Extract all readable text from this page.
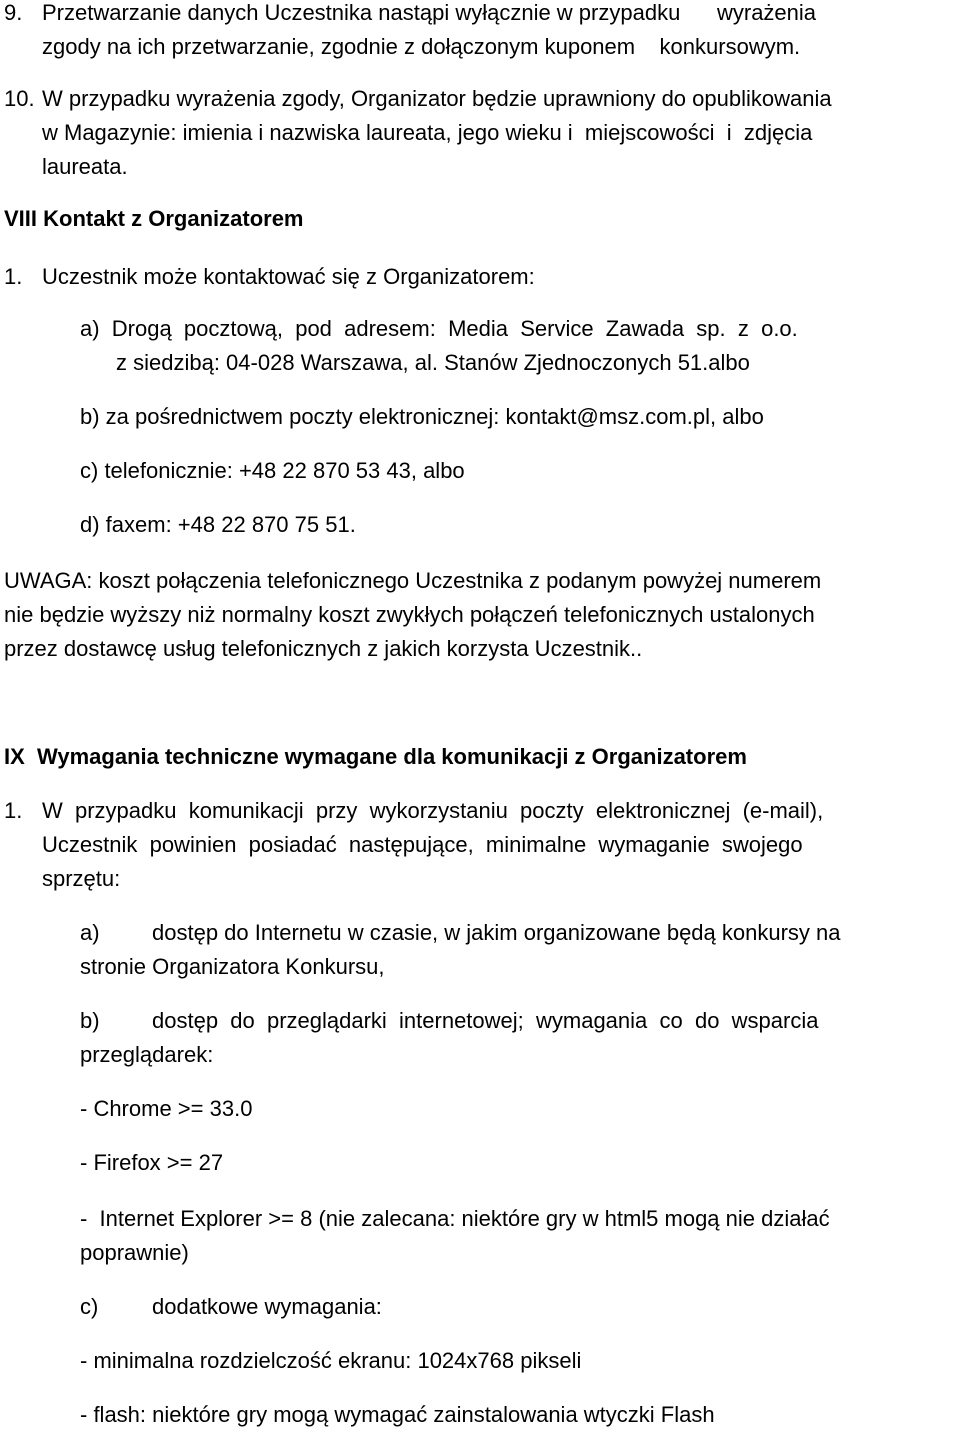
9. Przetwarzanie danych Uczestnika nastąpi wyłącznie w przypadku      wyrażenia
zgody na ich przetwarzanie, zgodnie z dołączonym kuponem    konkursowym.
10. W przypadku wyrażenia zgody, Organizator będzie uprawniony do opublikowania
w Magazynie: imienia i nazwiska laureata, jego wieku i  miejscowości  i  zdjęcia
laureata.
VIII Kontakt z Organizatorem
1. Uczestnik może kontaktować się z Organizatorem:
a)  Drogą  pocztową,  pod  adresem:  Media  Service  Zawada  sp.  z  o.o.
z siedzibą: 04-028 Warszawa, al. Stanów Zjednoczonych 51.albo
b) za pośrednictwem poczty elektronicznej: kontakt@msz.com.pl, albo
c) telefonicznie: +48 22 870 53 43, albo
d) faxem: +48 22 870 75 51.
UWAGA: koszt połączenia telefonicznego Uczestnika z podanym powyżej numerem
nie będzie wyższy niż normalny koszt zwykłych połączeń telefonicznych ustalonych
przez dostawcę usług telefonicznych z jakich korzysta Uczestnik..
IX  Wymagania techniczne wymagane dla komunikacji z Organizatorem
1. W  przypadku  komunikacji  przy  wykorzystaniu  poczty  elektronicznej  (e-mail),
Uczestnik  powinien  posiadać  następujące,  minimalne  wymaganie  swojego
sprzętu:
a) dostęp do Internetu w czasie, w jakim organizowane będą konkursy na
stronie Organizatora Konkursu,
b) dostęp  do  przeglądarki  internetowej;  wymagania  co  do  wsparcia
przeglądarek:
- Chrome >= 33.0
- Firefox >= 27
-  Internet Explorer >= 8 (nie zalecana: niektóre gry w html5 mogą nie działać
poprawnie)
c) dodatkowe wymagania:
- minimalna rozdzielczość ekranu: 1024x768 pikseli
- flash: niektóre gry mogą wymagać zainstalowania wtyczki Flash
